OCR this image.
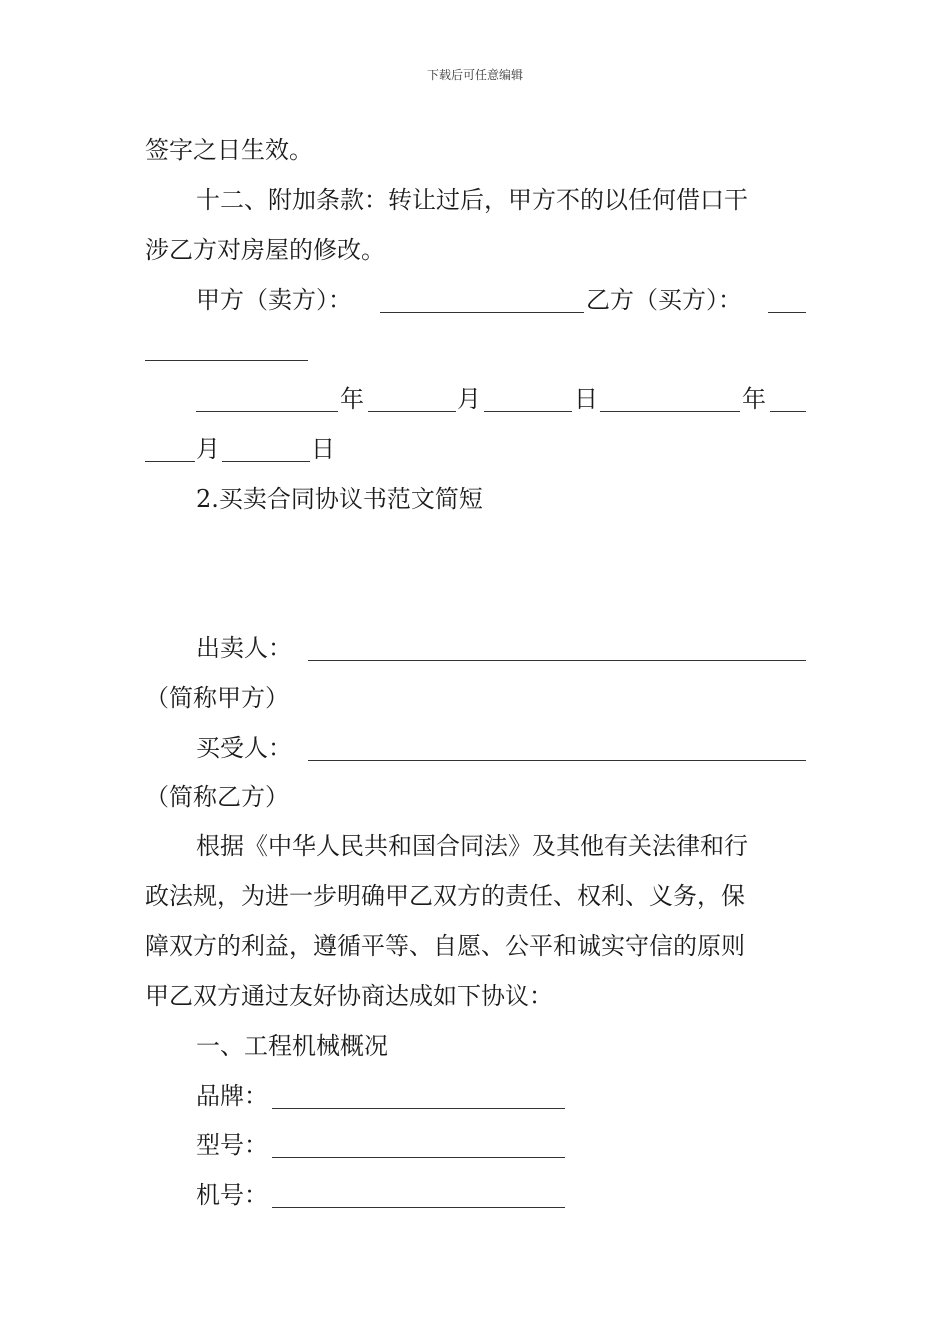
下载后可任意编辑
签字之日生效。
十二、附加条款：转让过后，甲方不的以任何借口干
涉乙方对房屋的修改。
甲方（卖方）：	乙方（买方）：
年	月	日	年
月	日
2.买卖合同协议书范文简短
出卖人：
（简称甲方）
买受人：
（简称乙方）
根据《中华人民共和国合同法》及其他有关法律和行
政法规，为进一步明确甲乙双方的责任、权利、义务，保
障双方的利益，遵循平等、自愿、公平和诚实守信的原则
甲乙双方通过友好协商达成如下协议：
一、工程机械概况
品牌：
型号：
机号：
